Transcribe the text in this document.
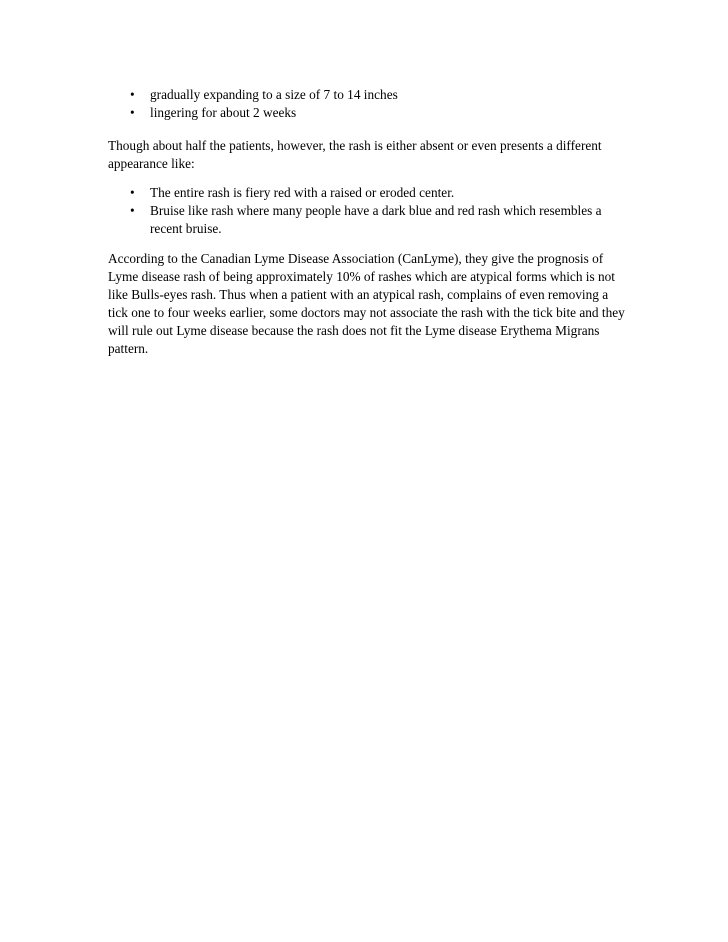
• gradually expanding to a size of 7 to 14 inches
• lingering for about 2 weeks

Though about half the patients, however, the rash is either absent or even presents a different appearance like:

• The entire rash is fiery red with a raised or eroded center.
• Bruise like rash where many people have a dark blue and red rash which resembles a recent bruise.

According to the Canadian Lyme Disease Association (CanLyme), they give the prognosis of Lyme disease rash of being approximately 10% of rashes which are atypical forms which is not like Bulls-eyes rash. Thus when a patient with an atypical rash, complains of even removing a tick one to four weeks earlier, some doctors may not associate the rash with the tick bite and they will rule out Lyme disease because the rash does not fit the Lyme disease Erythema Migrans pattern.
